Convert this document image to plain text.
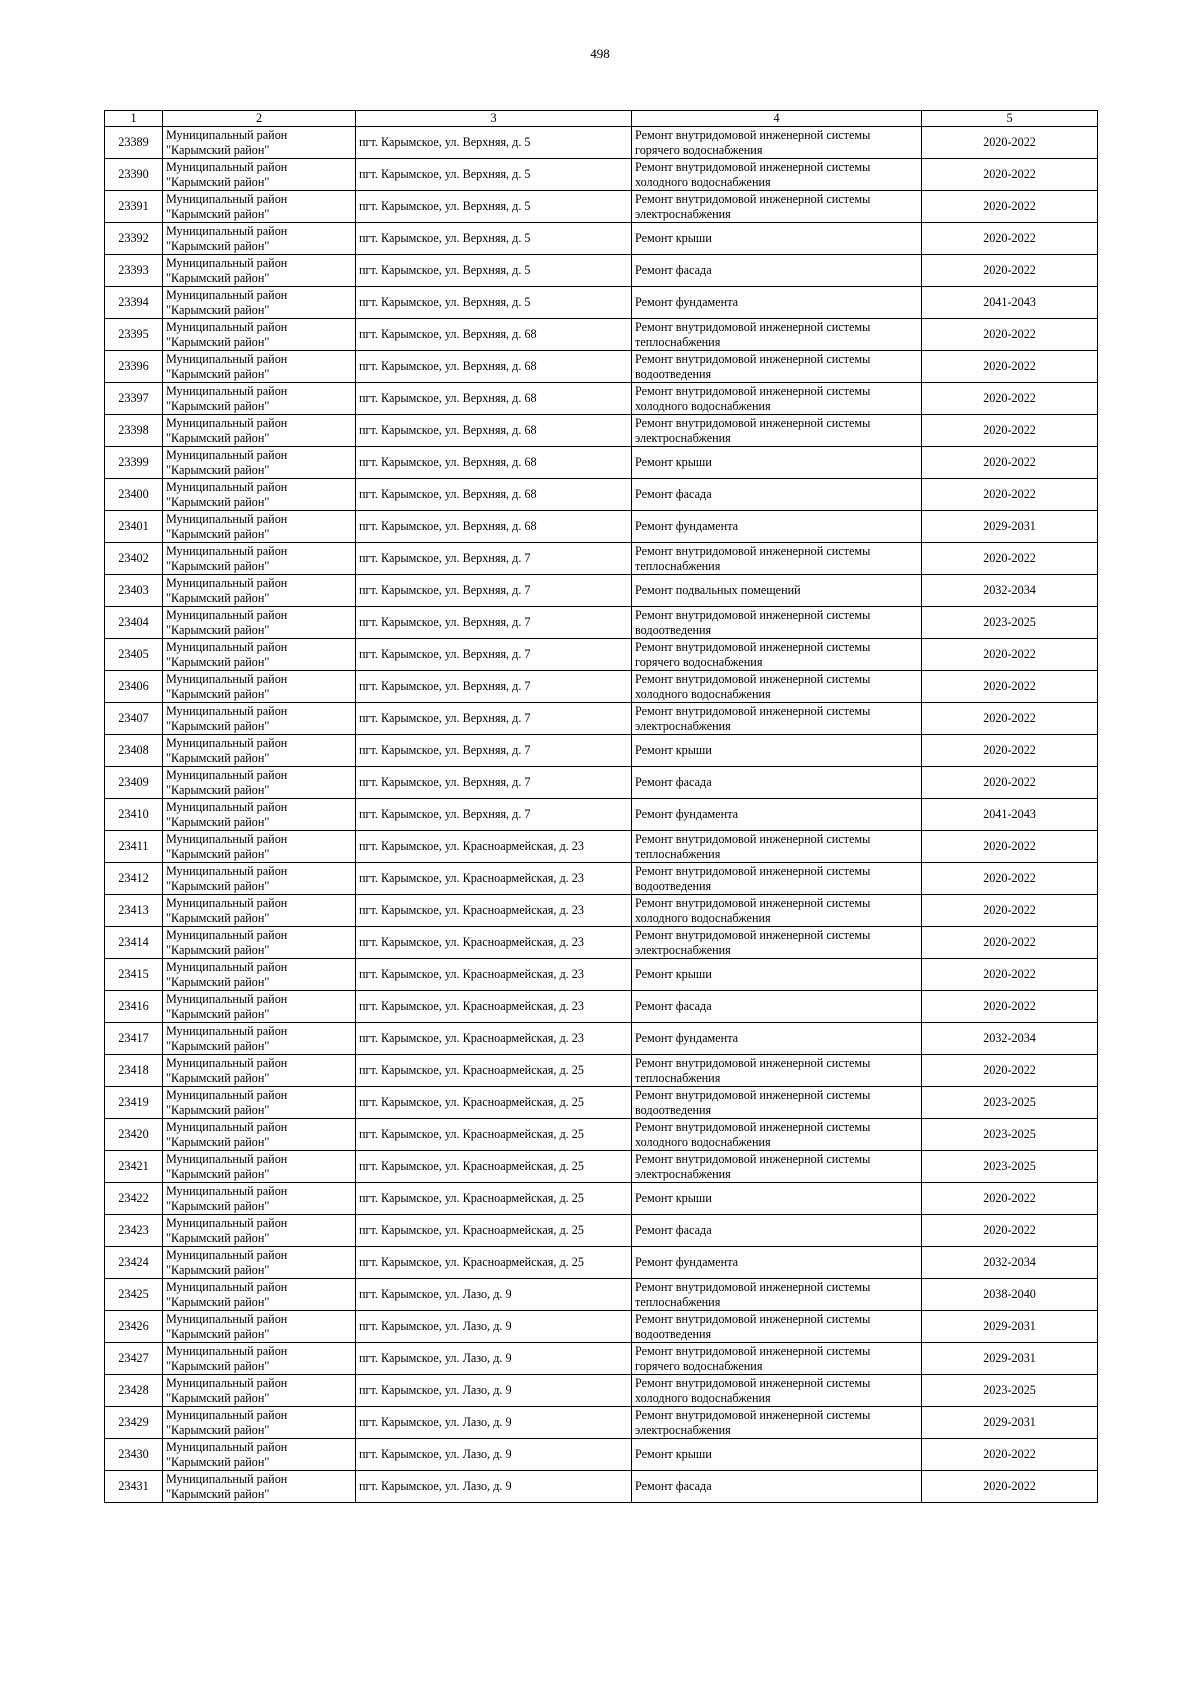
498
1	2	3	4	5
23389	Муниципальный район "Карымский район"	пгт. Карымское, ул. Верхняя, д. 5	Ремонт внутридомовой инженерной системы горячего водоснабжения	2020-2022
23390	Муниципальный район "Карымский район"	пгт. Карымское, ул. Верхняя, д. 5	Ремонт внутридомовой инженерной системы холодного водоснабжения	2020-2022
23391	Муниципальный район "Карымский район"	пгт. Карымское, ул. Верхняя, д. 5	Ремонт внутридомовой инженерной системы электроснабжения	2020-2022
23392	Муниципальный район "Карымский район"	пгт. Карымское, ул. Верхняя, д. 5	Ремонт крыши	2020-2022
23393	Муниципальный район "Карымский район"	пгт. Карымское, ул. Верхняя, д. 5	Ремонт фасада	2020-2022
23394	Муниципальный район "Карымский район"	пгт. Карымское, ул. Верхняя, д. 5	Ремонт фундамента	2041-2043
23395	Муниципальный район "Карымский район"	пгт. Карымское, ул. Верхняя, д. 68	Ремонт внутридомовой инженерной системы теплоснабжения	2020-2022
23396	Муниципальный район "Карымский район"	пгт. Карымское, ул. Верхняя, д. 68	Ремонт внутридомовой инженерной системы водоотведения	2020-2022
23397	Муниципальный район "Карымский район"	пгт. Карымское, ул. Верхняя, д. 68	Ремонт внутридомовой инженерной системы холодного водоснабжения	2020-2022
23398	Муниципальный район "Карымский район"	пгт. Карымское, ул. Верхняя, д. 68	Ремонт внутридомовой инженерной системы электроснабжения	2020-2022
23399	Муниципальный район "Карымский район"	пгт. Карымское, ул. Верхняя, д. 68	Ремонт крыши	2020-2022
23400	Муниципальный район "Карымский район"	пгт. Карымское, ул. Верхняя, д. 68	Ремонт фасада	2020-2022
23401	Муниципальный район "Карымский район"	пгт. Карымское, ул. Верхняя, д. 68	Ремонт фундамента	2029-2031
23402	Муниципальный район "Карымский район"	пгт. Карымское, ул. Верхняя, д. 7	Ремонт внутридомовой инженерной системы теплоснабжения	2020-2022
23403	Муниципальный район "Карымский район"	пгт. Карымское, ул. Верхняя, д. 7	Ремонт подвальных помещений	2032-2034
23404	Муниципальный район "Карымский район"	пгт. Карымское, ул. Верхняя, д. 7	Ремонт внутридомовой инженерной системы водоотведения	2023-2025
23405	Муниципальный район "Карымский район"	пгт. Карымское, ул. Верхняя, д. 7	Ремонт внутридомовой инженерной системы горячего водоснабжения	2020-2022
23406	Муниципальный район "Карымский район"	пгт. Карымское, ул. Верхняя, д. 7	Ремонт внутридомовой инженерной системы холодного водоснабжения	2020-2022
23407	Муниципальный район "Карымский район"	пгт. Карымское, ул. Верхняя, д. 7	Ремонт внутридомовой инженерной системы электроснабжения	2020-2022
23408	Муниципальный район "Карымский район"	пгт. Карымское, ул. Верхняя, д. 7	Ремонт крыши	2020-2022
23409	Муниципальный район "Карымский район"	пгт. Карымское, ул. Верхняя, д. 7	Ремонт фасада	2020-2022
23410	Муниципальный район "Карымский район"	пгт. Карымское, ул. Верхняя, д. 7	Ремонт фундамента	2041-2043
23411	Муниципальный район "Карымский район"	пгт. Карымское, ул. Красноармейская, д. 23	Ремонт внутридомовой инженерной системы теплоснабжения	2020-2022
23412	Муниципальный район "Карымский район"	пгт. Карымское, ул. Красноармейская, д. 23	Ремонт внутридомовой инженерной системы водоотведения	2020-2022
23413	Муниципальный район "Карымский район"	пгт. Карымское, ул. Красноармейская, д. 23	Ремонт внутридомовой инженерной системы холодного водоснабжения	2020-2022
23414	Муниципальный район "Карымский район"	пгт. Карымское, ул. Красноармейская, д. 23	Ремонт внутридомовой инженерной системы электроснабжения	2020-2022
23415	Муниципальный район "Карымский район"	пгт. Карымское, ул. Красноармейская, д. 23	Ремонт крыши	2020-2022
23416	Муниципальный район "Карымский район"	пгт. Карымское, ул. Красноармейская, д. 23	Ремонт фасада	2020-2022
23417	Муниципальный район "Карымский район"	пгт. Карымское, ул. Красноармейская, д. 23	Ремонт фундамента	2032-2034
23418	Муниципальный район "Карымский район"	пгт. Карымское, ул. Красноармейская, д. 25	Ремонт внутридомовой инженерной системы теплоснабжения	2020-2022
23419	Муниципальный район "Карымский район"	пгт. Карымское, ул. Красноармейская, д. 25	Ремонт внутридомовой инженерной системы водоотведения	2023-2025
23420	Муниципальный район "Карымский район"	пгт. Карымское, ул. Красноармейская, д. 25	Ремонт внутридомовой инженерной системы холодного водоснабжения	2023-2025
23421	Муниципальный район "Карымский район"	пгт. Карымское, ул. Красноармейская, д. 25	Ремонт внутридомовой инженерной системы электроснабжения	2023-2025
23422	Муниципальный район "Карымский район"	пгт. Карымское, ул. Красноармейская, д. 25	Ремонт крыши	2020-2022
23423	Муниципальный район "Карымский район"	пгт. Карымское, ул. Красноармейская, д. 25	Ремонт фасада	2020-2022
23424	Муниципальный район "Карымский район"	пгт. Карымское, ул. Красноармейская, д. 25	Ремонт фундамента	2032-2034
23425	Муниципальный район "Карымский район"	пгт. Карымское, ул. Лазо, д. 9	Ремонт внутридомовой инженерной системы теплоснабжения	2038-2040
23426	Муниципальный район "Карымский район"	пгт. Карымское, ул. Лазо, д. 9	Ремонт внутридомовой инженерной системы водоотведения	2029-2031
23427	Муниципальный район "Карымский район"	пгт. Карымское, ул. Лазо, д. 9	Ремонт внутридомовой инженерной системы горячего водоснабжения	2029-2031
23428	Муниципальный район "Карымский район"	пгт. Карымское, ул. Лазо, д. 9	Ремонт внутридомовой инженерной системы холодного водоснабжения	2023-2025
23429	Муниципальный район "Карымский район"	пгт. Карымское, ул. Лазо, д. 9	Ремонт внутридомовой инженерной системы электроснабжения	2029-2031
23430	Муниципальный район "Карымский район"	пгт. Карымское, ул. Лазо, д. 9	Ремонт крыши	2020-2022
23431	Муниципальный район "Карымский район"	пгт. Карымское, ул. Лазо, д. 9	Ремонт фасада	2020-2022
